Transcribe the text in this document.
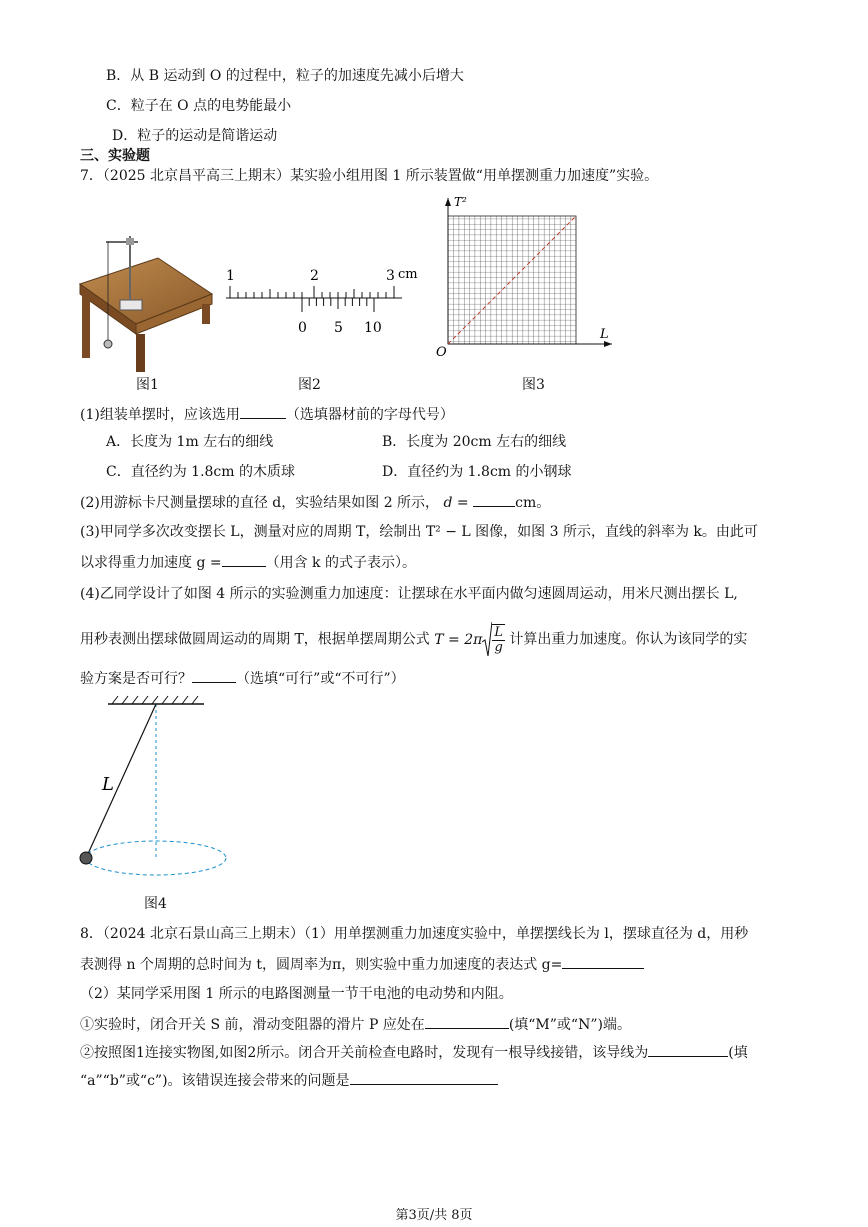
B．从 B 运动到 O 的过程中，粒子的加速度先减小后增大
C．粒子在 O 点的电势能最小
D．粒子的运动是简谐运动
三、实验题
7．（2025 北京昌平高三上期末）某实验小组用图 1 所示装置做“用单摆测重力加速度”实验。
图1
1	2	3 cm
0 5 10
图2
T²
L
O
图3
(1)组装单摆时，应该选用	（选填器材前的字母代号）
A．长度为 1m 左右的细线	B．长度为 20cm 左右的细线
C．直径约为 1.8cm 的木质球	D．直径约为 1.8cm 的小钢球
(2)用游标卡尺测量摆球的直径 d，实验结果如图 2 所示， d =	cm。
(3)甲同学多次改变摆长 L，测量对应的周期 T，绘制出 T² − L 图像，如图 3 所示，直线的斜率为 k。由此可
以求得重力加速度 g =	（用含 k 的式子表示）。
(4)乙同学设计了如图 4 所示的实验测重力加速度：让摆球在水平面内做匀速圆周运动，用米尺测出摆长 L,
用秒表测出摆球做圆周运动的周期 T，根据单摆周期公式 $T = 2\pi \frac{L}{g}$ 计算出重力加速度。你认为该同学的实
验方案是否可行？	（选填“可行”或“不可行”）
L
图4
8．（2024 北京石景山高三上期末）（1）用单摆测重力加速度实验中，单摆摆线长为 l，摆球直径为 d，用秒
表测得 n 个周期的总时间为 t，圆周率为π，则实验中重力加速度的表达式 g=
（2）某同学采用图 1 所示的电路图测量一节干电池的电动势和内阻。
①实验时，闭合开关 S 前，滑动变阻器的滑片 P 应处在	(填“M”或“N”)端。
②按照图1连接实物图,如图2所示。闭合开关前检查电路时，发现有一根导线接错，该导线为	(填
“a”“b”或“c”)。该错误连接会带来的问题是
第3页/共 8页
